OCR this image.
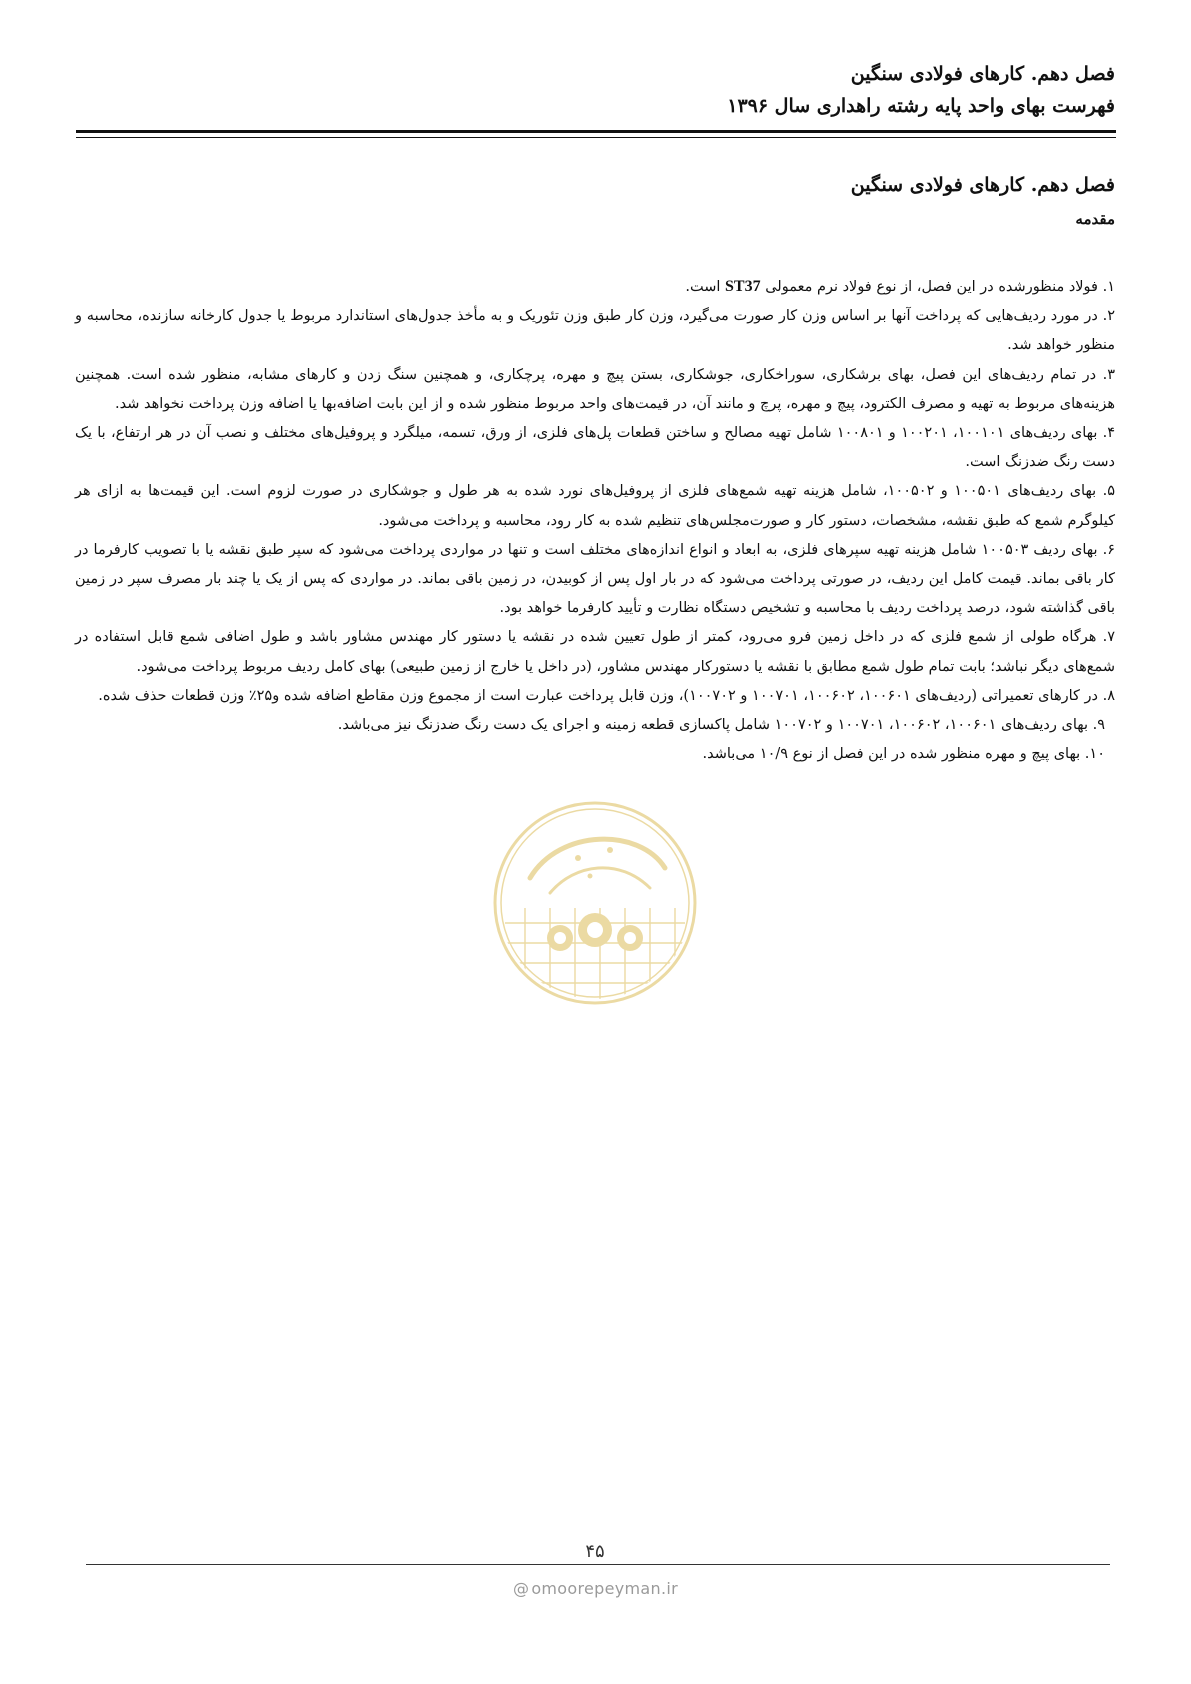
فصل دهم. کارهای فولادی سنگین

فهرست بهای واحد پایه رشته راهداری سال ۱۳۹۶

فصل دهم. کارهای فولادی سنگین
مقدمه

۱. فولاد منظورشده در این فصل، از نوع فولاد نرم معمولی ST37 است.

۲. در مورد ردیف‌هایی که پرداخت آنها بر اساس وزن کار صورت می‌گیرد، وزن کار طبق وزن تئوریک و به مأخذ جدول‌های استاندارد مربوط یا جدول کارخانه سازنده، محاسبه و منظور خواهد شد.

۳. در تمام ردیف‌های این فصل، بهای برشکاری، سوراخکاری، جوشکاری، بستن پیچ و مهره، پرچکاری، و همچنین سنگ زدن و کارهای مشابه، منظور شده است. همچنین هزینه‌های مربوط به تهیه و مصرف الکترود، پیچ و مهره، پرچ و مانند آن، در قیمت‌های واحد مربوط منظور شده و از این بابت اضافه‌بها یا اضافه وزن پرداخت نخواهد شد.

۴. بهای ردیف‌های ۱۰۰۱۰۱، ۱۰۰۲۰۱ و ۱۰۰۸۰۱ شامل تهیه مصالح و ساختن قطعات پل‌های فلزی، از ورق، تسمه، میلگرد و پروفیل‌های مختلف و نصب آن در هر ارتفاع، با یک دست رنگ ضدزنگ است.

۵. بهای ردیف‌های ۱۰۰۵۰۱ و ۱۰۰۵۰۲، شامل هزینه تهیه شمع‌های فلزی از پروفیل‌های نورد شده به هر طول و جوشکاری در صورت لزوم است. این قیمت‌ها به ازای هر کیلوگرم شمع که طبق نقشه، مشخصات، دستور کار و صورت‌مجلس‌های تنظیم شده به کار رود، محاسبه و پرداخت می‌شود.

۶. بهای ردیف ۱۰۰۵۰۳ شامل هزینه تهیه سپرهای فلزی، به ابعاد و انواع اندازه‌های مختلف است و تنها در مواردی پرداخت می‌شود که سپر طبق نقشه یا با تصویب کارفرما در کار باقی بماند. قیمت کامل این ردیف، در صورتی پرداخت می‌شود که در بار اول پس از کوبیدن، در زمین باقی بماند. در مواردی که پس از یک یا چند بار مصرف سپر در زمین باقی گذاشته شود، درصد پرداخت ردیف با محاسبه و تشخیص دستگاه نظارت و تأیید کارفرما خواهد بود.

۷. هرگاه طولی از شمع فلزی که در داخل زمین فرو می‌رود، کمتر از طول تعیین شده در نقشه یا دستور کار مهندس مشاور باشد و طول اضافی شمع قابل استفاده در شمع‌های دیگر نباشد؛ بابت تمام طول شمع مطابق با نقشه یا دستورکار مهندس مشاور، (در داخل یا خارج از زمین طبیعی) بهای کامل ردیف مربوط پرداخت می‌شود.

۸. در کارهای تعمیراتی (ردیف‌های ۱۰۰۶۰۱، ۱۰۰۶۰۲، ۱۰۰۷۰۱ و ۱۰۰۷۰۲)، وزن قابل پرداخت عبارت است از مجموع وزن مقاطع اضافه شده و۲۵٪ وزن قطعات حذف شده.

۹. بهای ردیف‌های ۱۰۰۶۰۱، ۱۰۰۶۰۲، ۱۰۰۷۰۱ و ۱۰۰۷۰۲ شامل پاکسازی قطعه زمینه و اجرای یک دست رنگ ضدزنگ نیز می‌باشد.

۱۰. بهای پیچ و مهره منظور شده در این فصل از نوع ۱۰/۹ می‌باشد.

۴۵
@ omoorepeyman.ir
